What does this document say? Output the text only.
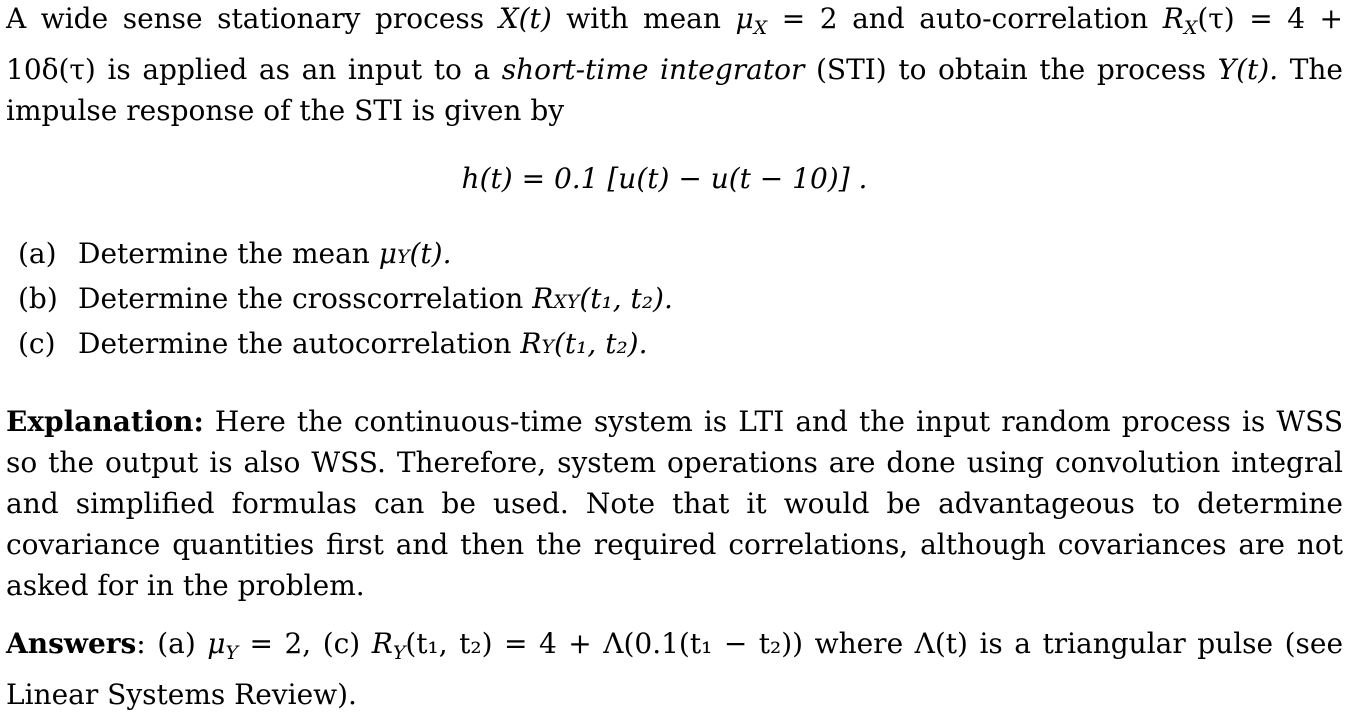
A wide sense stationary process X(t) with mean $\mu_X = 2$ and auto-correlation $R_X(\tau) = 4 + 10\delta(\tau)$ is applied as an input to a short-time integrator (STI) to obtain the process Y(t). The impulse response of the STI is given by

h(t) = 0.1 [u(t) − u(t − 10)] .
(a) Determine the mean
μ Y (t).
(b) Determine the crosscorrelation
R XY (t₁, t₂).
(c) Determine the autocorrelation
R Y (t₁, t₂).

Explanation: Here the continuous-time system is LTI and the input random process is WSS so the output is also WSS. Therefore, system operations are done using convolution integral and simplified formulas can be used. Note that it would be advantageous to determine covariance quantities first and then the required correlations, although covariances are not asked for in the problem.

Answers: (a) $\mu_Y = 2$, (c) $R_Y(t_1$, t₂) = 4 + Λ(0.1(t₁ − t₂)) where Λ(t) is a triangular pulse (see Linear Systems Review).
